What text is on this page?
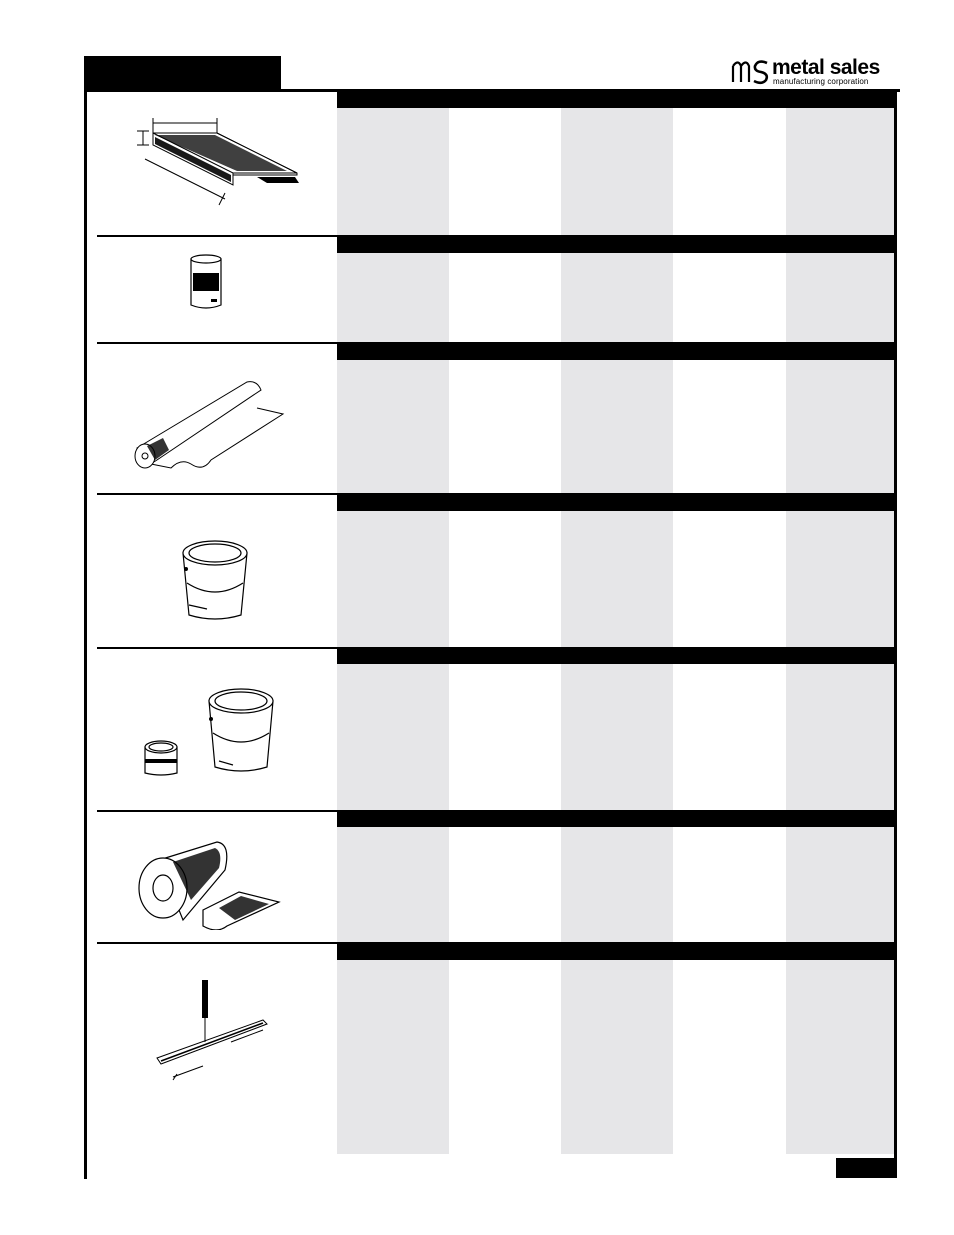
metal sales
manufacturing corporation
